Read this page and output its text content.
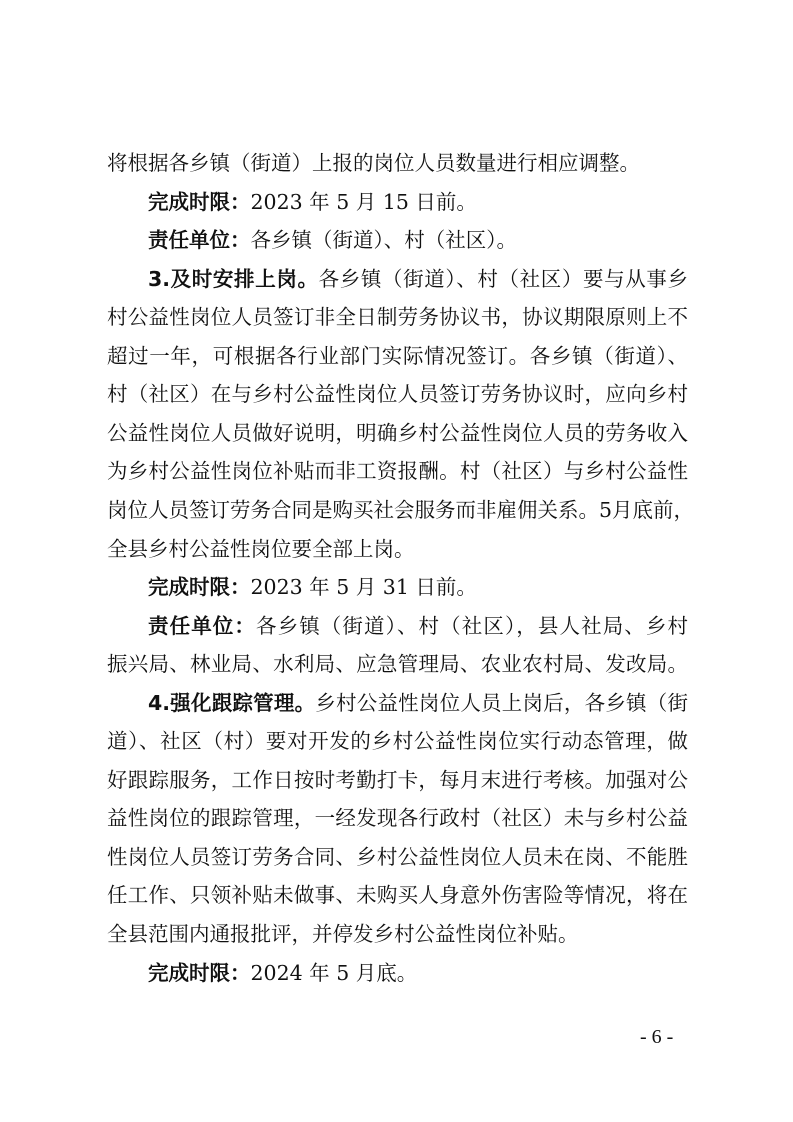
将根据各乡镇（街道）上报的岗位人员数量进行相应调整。
完成时限：2023 年 5 月 15 日前。
责任单位：各乡镇（街道）、村（社区）。
3.及时安排上岗。各乡镇（街道）、村（社区）要与从事乡
村公益性岗位人员签订非全日制劳务协议书，协议期限原则上不
超过一年，可根据各行业部门实际情况签订。各乡镇（街道）、
村（社区）在与乡村公益性岗位人员签订劳务协议时，应向乡村
公益性岗位人员做好说明，明确乡村公益性岗位人员的劳务收入
为乡村公益性岗位补贴而非工资报酬。村（社区）与乡村公益性
岗位人员签订劳务合同是购买社会服务而非雇佣关系。5月底前，
全县乡村公益性岗位要全部上岗。
完成时限：2023 年 5 月 31 日前。
责任单位：各乡镇（街道）、村（社区），县人社局、乡村
振兴局、林业局、水利局、应急管理局、农业农村局、发改局。
4.强化跟踪管理。乡村公益性岗位人员上岗后，各乡镇（街
道）、社区（村）要对开发的乡村公益性岗位实行动态管理，做
好跟踪服务，工作日按时考勤打卡，每月末进行考核。加强对公
益性岗位的跟踪管理，一经发现各行政村（社区）未与乡村公益
性岗位人员签订劳务合同、乡村公益性岗位人员未在岗、不能胜
任工作、只领补贴未做事、未购买人身意外伤害险等情况，将在
全县范围内通报批评，并停发乡村公益性岗位补贴。
完成时限：2024 年 5 月底。
- 6 -
